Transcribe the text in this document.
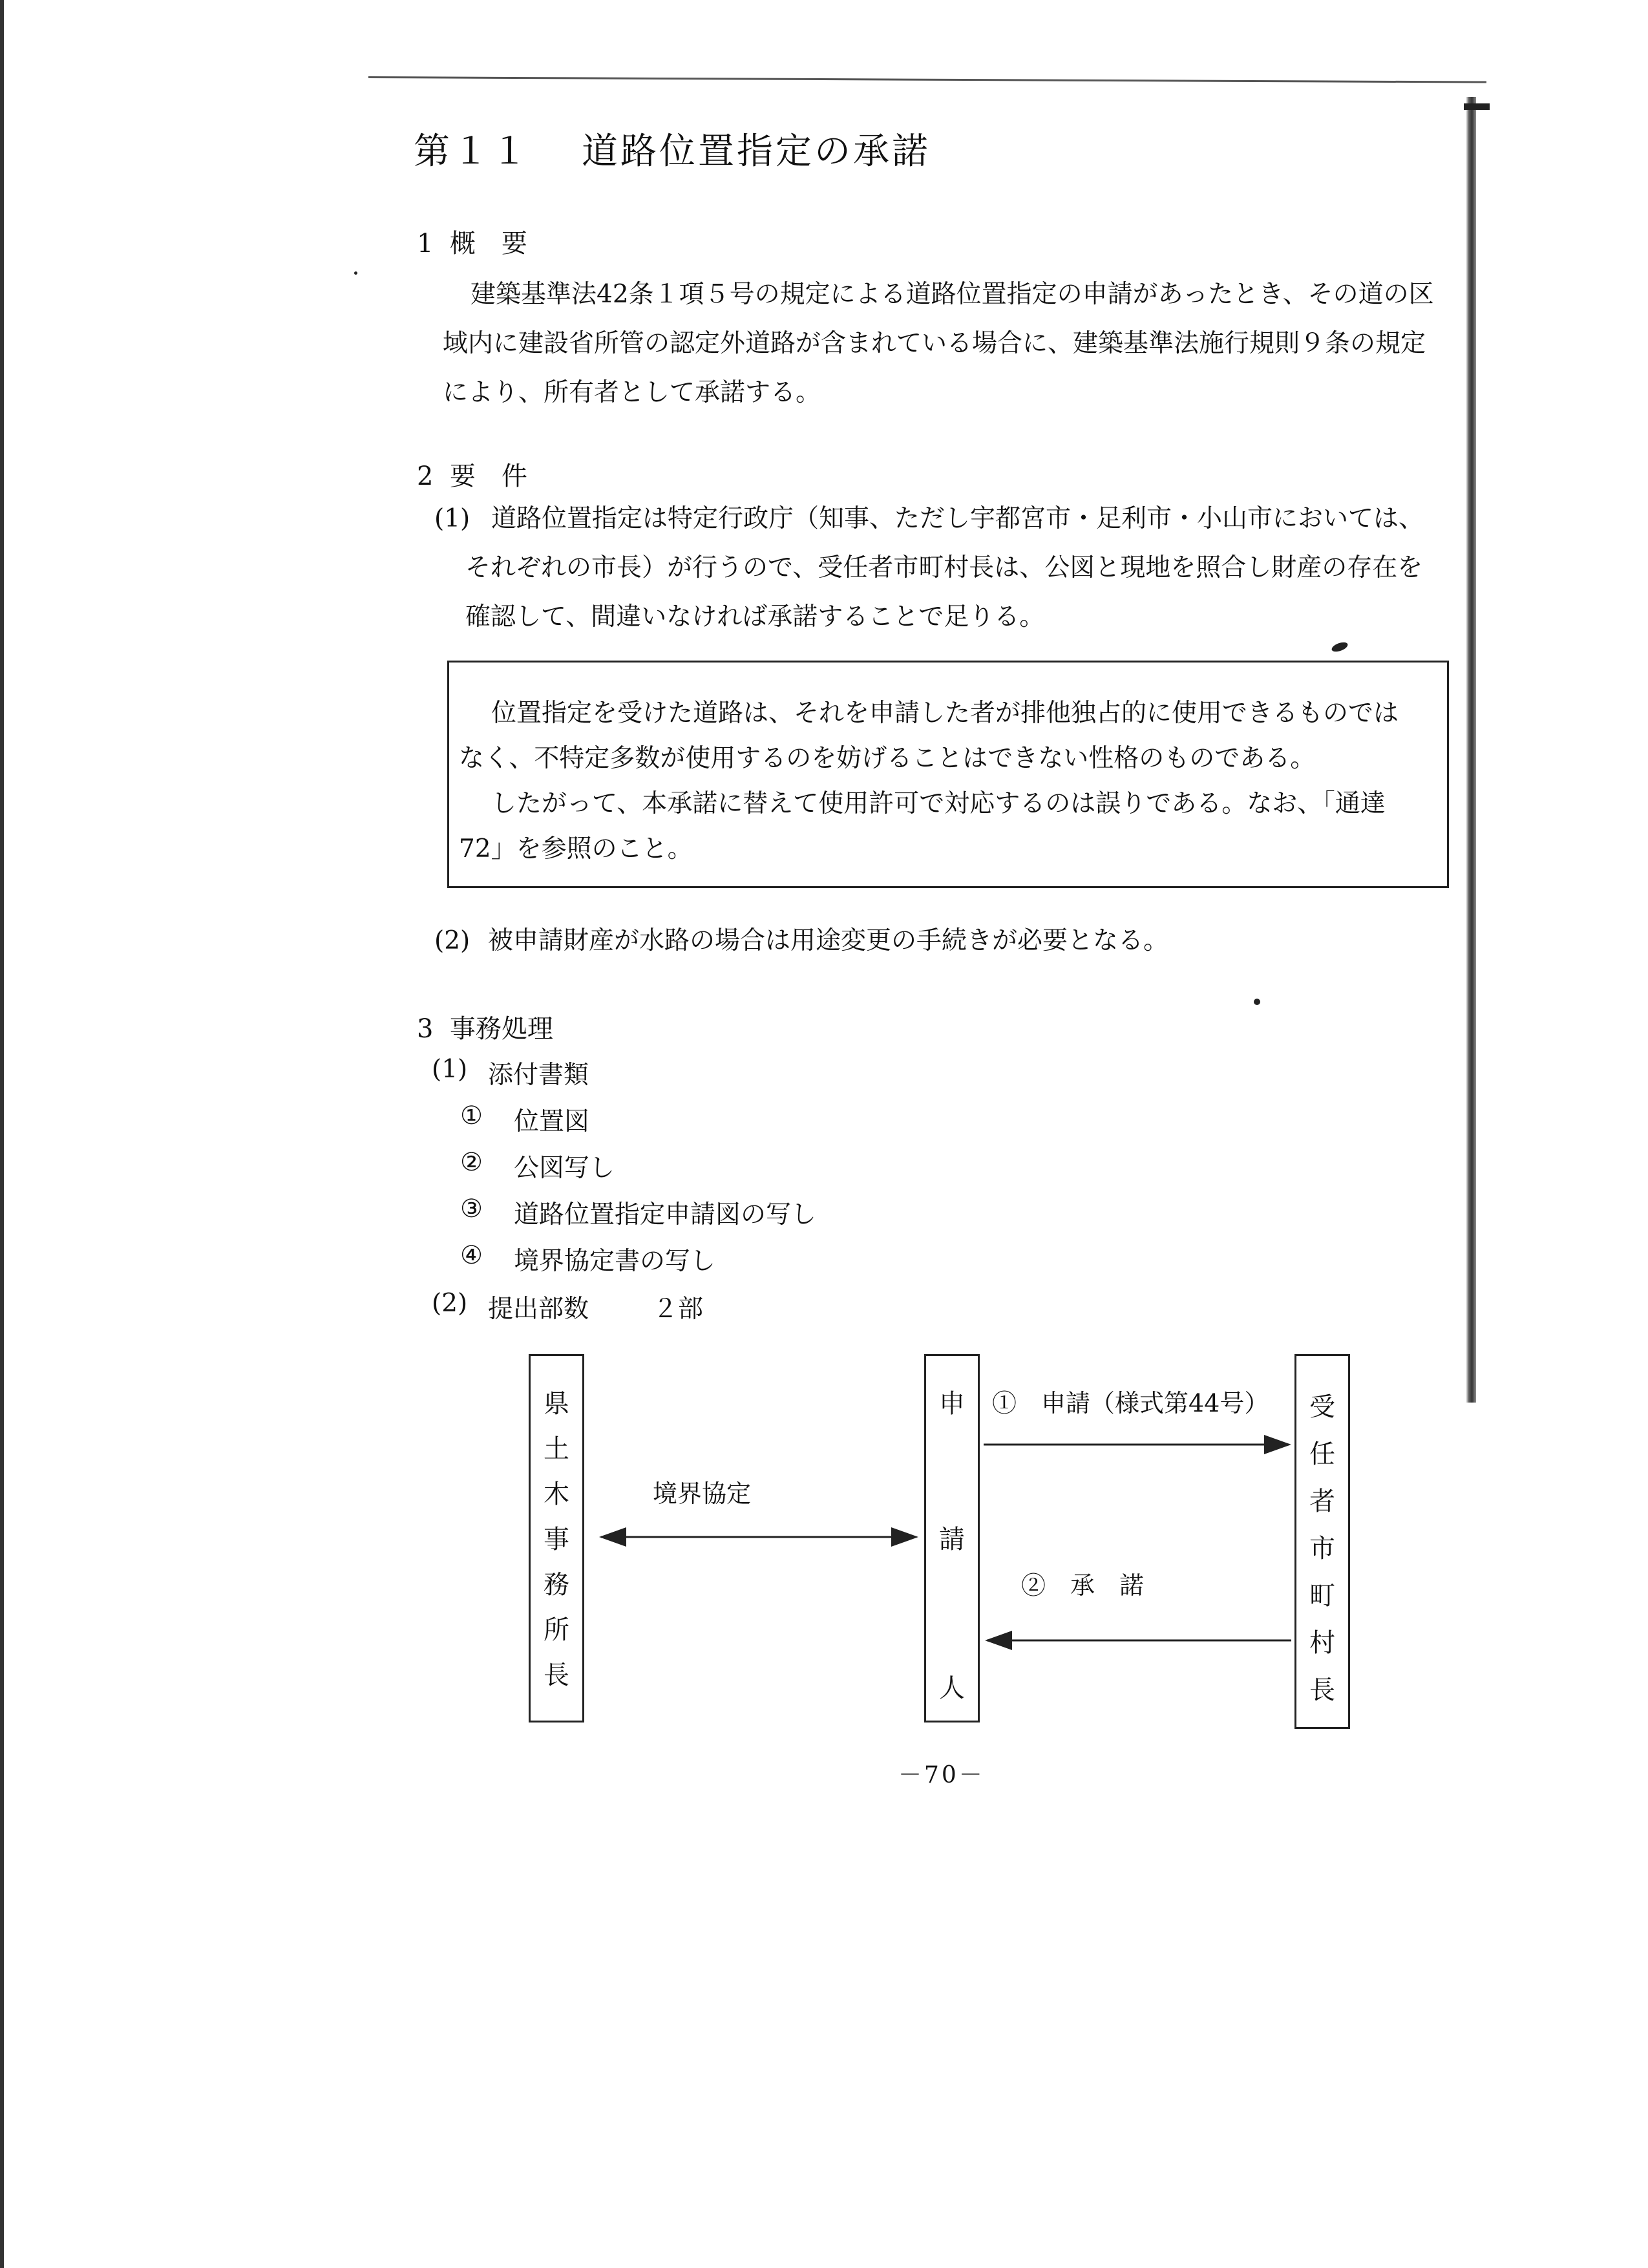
第１１ 道路位置指定の承諾
1  概　要
建築基準法42条１項５号の規定による道路位置指定の申請があったとき、その道の区
域内に建設省所管の認定外道路が含まれている場合に、建築基準法施行規則９条の規定
により、所有者として承諾する。
2  要　件
(1) 道路位置指定は特定行政庁（知事、ただし宇都宮市・足利市・小山市においては、
それぞれの市長）が行うので、受任者市町村長は、公図と現地を照合し財産の存在を
確認して、間違いなければ承諾することで足りる。
位置指定を受けた道路は、それを申請した者が排他独占的に使用できるものでは
なく、不特定多数が使用するのを妨げることはできない性格のものである。
したがって、本承諾に替えて使用許可で対応するのは誤りである。なお、「通達
72」を参照のこと。
(2) 被申請財産が水路の場合は用途変更の手続きが必要となる。
3  事務処理
(1) 添付書類
① 位置図
② 公図写し
③ 道路位置指定申請図の写し
④ 境界協定書の写し
(2) 提出部数	２部
県
土
木
事
務
所
長
申
請
人
受
任
者
市
町
村
長
境界協定
①　申請（様式第44号）
②　承　諾
－70－
